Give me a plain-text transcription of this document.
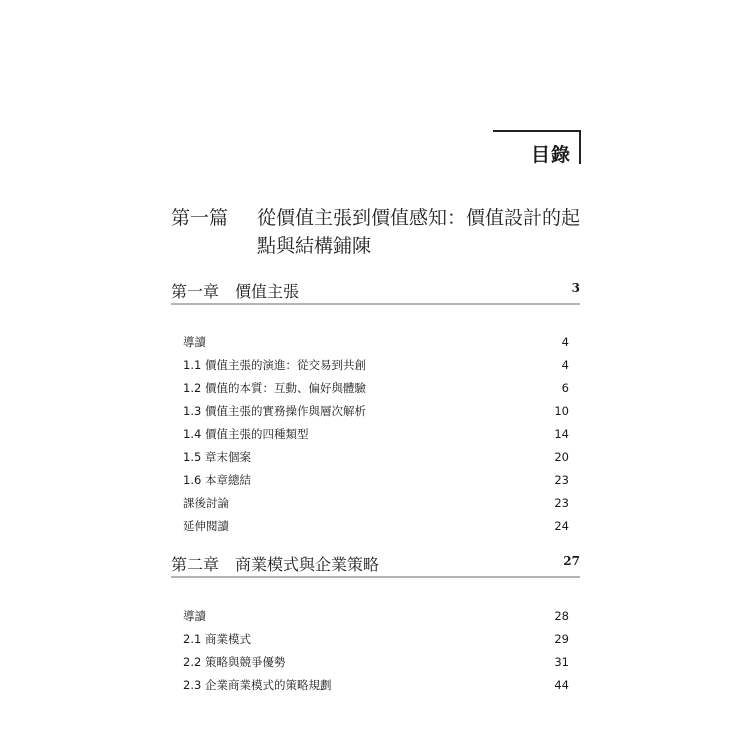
目錄
第一篇 從價值主張到價值感知：價值設計的起點與結構鋪陳
第一章 價值主張	3
導讀	4
1.1 價值主張的演進：從交易到共創	4
1.2 價值的本質：互動、偏好與體驗	6
1.3 價值主張的實務操作與層次解析	10
1.4 價值主張的四種類型	14
1.5 章末個案	20
1.6 本章總結	23
課後討論	23
延伸閱讀	24
第二章 商業模式與企業策略	27
導讀	28
2.1 商業模式	29
2.2 策略與競爭優勢	31
2.3 企業商業模式的策略規劃	44
